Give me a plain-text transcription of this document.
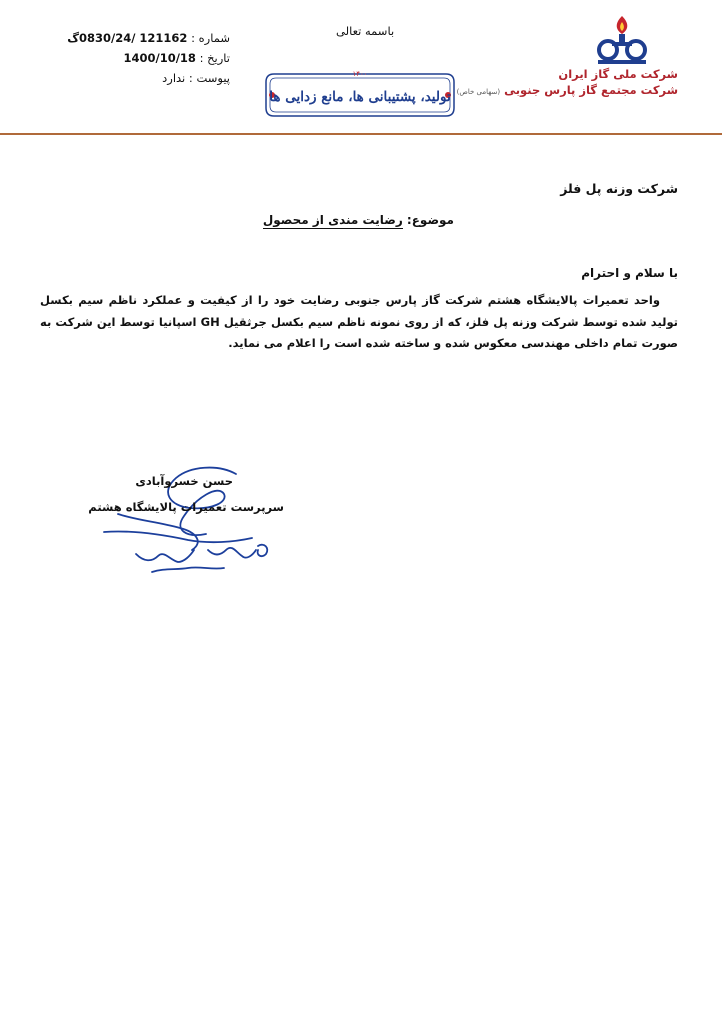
شرکت ملی گاز ایران
شرکت مجتمع گاز پارس جنوبی (سهامی خاص)
باسمه تعالی
۱۴۰۰
تولید، پشتیبانی ها، مانع زدایی ها
شماره : 121162 /0830/24گ
تاریخ : 1400/10/18
پیوست : ندارد
شرکت وزنه پل فلز
موضوع: رضایت مندی از محصول
با سلام و احترام

واحد تعمیرات پالایشگاه هشتم شرکت گاز پارس جنوبی رضایت خود را از کیفیت و عملکرد ناظم سیم بکسل تولید شده توسط شرکت وزنه پل فلز، که از روی نمونه ناظم سیم بکسل جرثقیل GH اسپانیا توسط این شرکت به صورت تمام داخلی مهندسی معکوس شده و ساخته شده است را اعلام می نماید.

حسن خسروآبادی
سرپرست تعمیرات پالایشگاه هشتم
